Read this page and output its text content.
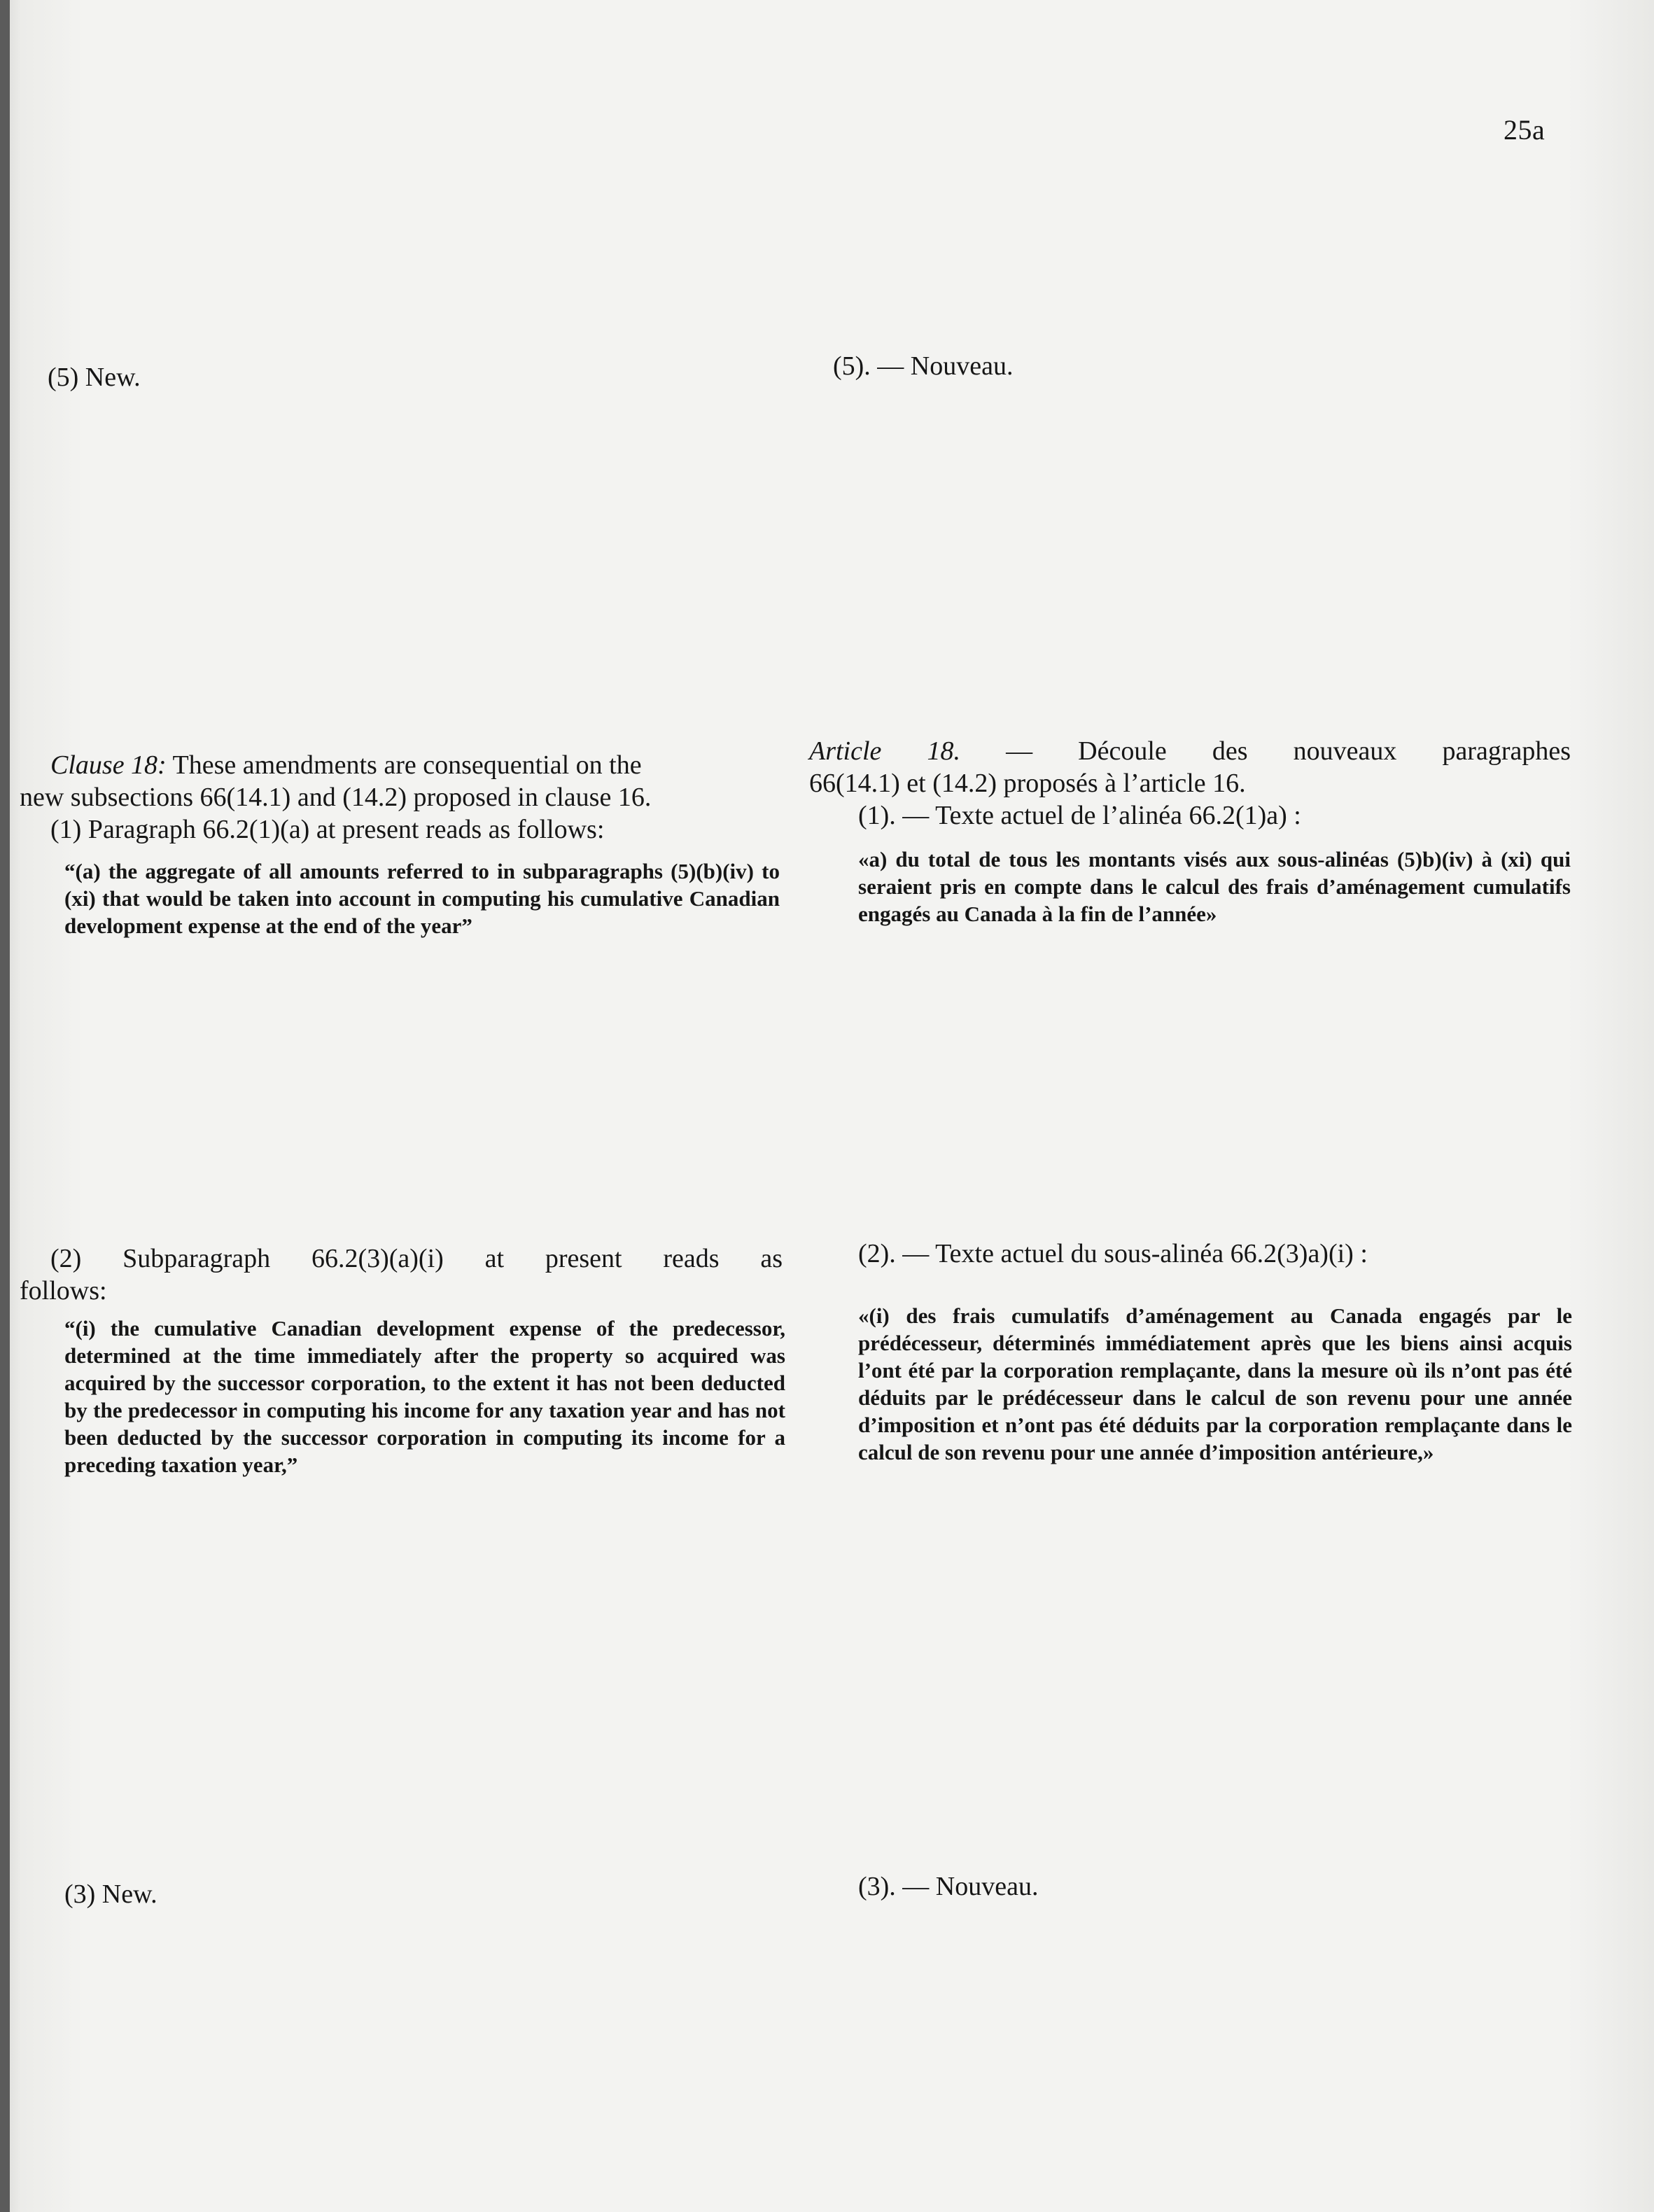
25a
(5) New.
Clause 18: These amendments are consequential on the
new subsections 66(14.1) and (14.2) proposed in clause 16.
(1) Paragraph 66.2(1)(a) at present reads as follows:
“(a) the aggregate of all amounts referred to in subparagraphs (5)(b)(iv) to (xi) that would be taken into account in computing his cumulative Canadian development expense at the end of the year”
(2) Subparagraph 66.2(3)(a)(i) at present reads as
follows:
“(i) the cumulative Canadian development expense of the predecessor, determined at the time immediately after the property so acquired was acquired by the successor corporation, to the extent it has not been deducted by the predecessor in computing his income for any taxation year and has not been deducted by the successor corporation in computing its income for a preceding taxation year,”
(3) New.
(5). — Nouveau.
Article 18. — Découle des nouveaux paragraphes
66(14.1) et (14.2) proposés à l’article 16.
(1). — Texte actuel de l’alinéa 66.2(1)a) :
«a) du total de tous les montants visés aux sous-alinéas (5)b)(iv) à (xi) qui seraient pris en compte dans le calcul des frais d’aménagement cumulatifs engagés au Canada à la fin de l’année»
(2). — Texte actuel du sous-alinéa 66.2(3)a)(i) :
«(i) des frais cumulatifs d’aménagement au Canada engagés par le prédécesseur, déterminés immédiatement après que les biens ainsi acquis l’ont été par la corporation remplaçante, dans la mesure où ils n’ont pas été déduits par le prédécesseur dans le calcul de son revenu pour une année d’imposition et n’ont pas été déduits par la corporation remplaçante dans le calcul de son revenu pour une année d’imposition antérieure,»
(3). — Nouveau.
